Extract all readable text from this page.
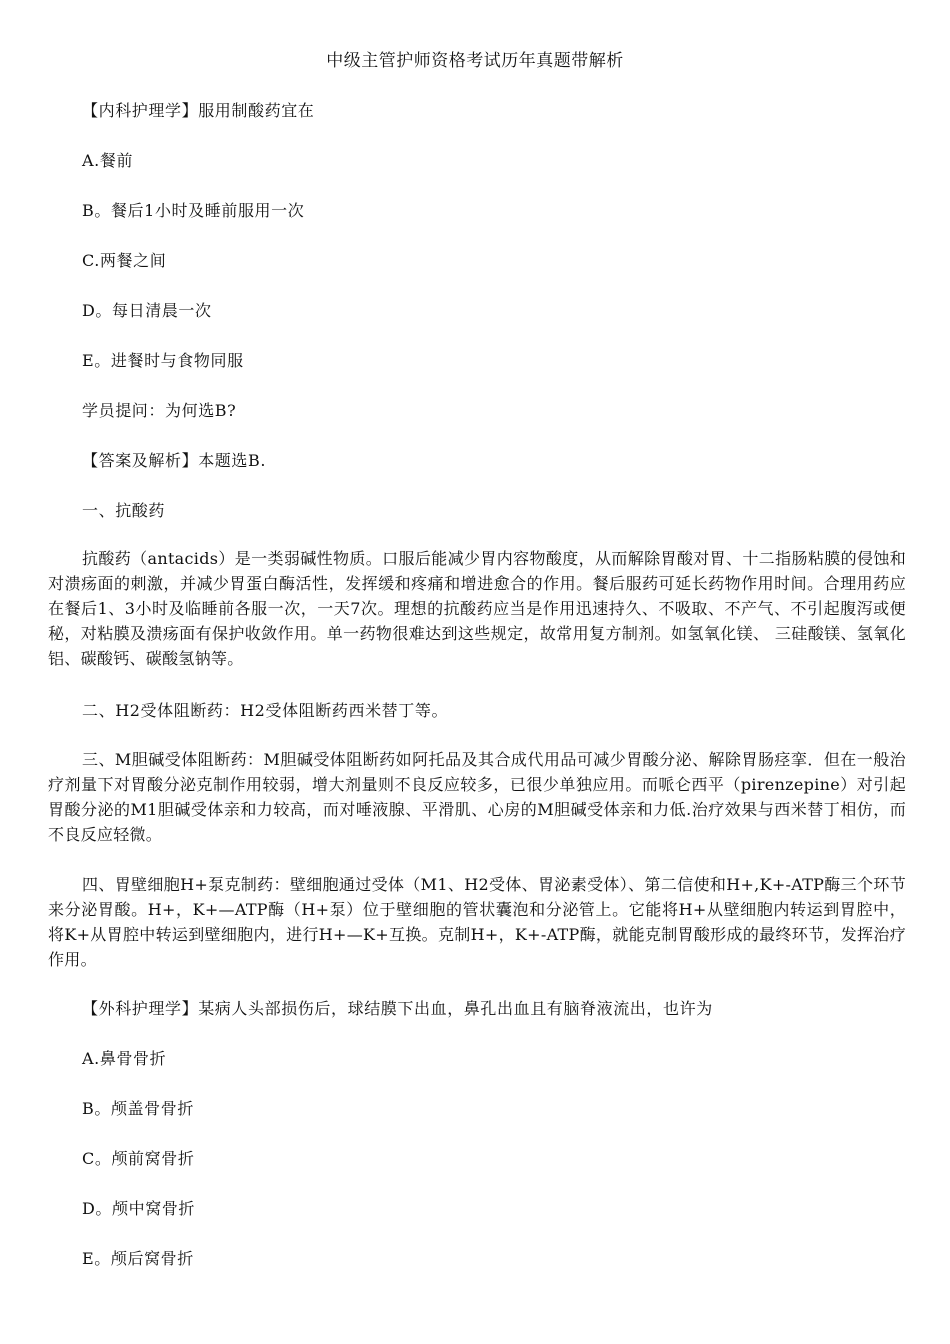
中级主管护师资格考试历年真题带解析
【内科护理学】服用制酸药宜在
A.餐前
B。餐后1小时及睡前服用一次
C.两餐之间
D。每日清晨一次
E。进餐时与食物同服
学员提问：为何选B?
【答案及解析】本题选B.
一、抗酸药
抗酸药（antacids）是一类弱碱性物质。口服后能减少胃内容物酸度，从而解除胃酸对胃、十二指肠粘膜的侵蚀和对溃疡面的刺激，并减少胃蛋白酶活性，发挥缓和疼痛和增进愈合的作用。餐后服药可延长药物作用时间。合理用药应在餐后1、3小时及临睡前各服一次，一天7次。理想的抗酸药应当是作用迅速持久、不吸取、不产气、不引起腹泻或便秘，对粘膜及溃疡面有保护收敛作用。单一药物很难达到这些规定，故常用复方制剂。如氢氧化镁、 三硅酸镁、氢氧化铝、碳酸钙、碳酸氢钠等。
二、H2受体阻断药：H2受体阻断药西米替丁等。
三、M胆碱受体阻断药：M胆碱受体阻断药如阿托品及其合成代用品可减少胃酸分泌、解除胃肠痉挛．但在一般治疗剂量下对胃酸分泌克制作用较弱，增大剂量则不良反应较多，已很少单独应用。而哌仑西平（pirenzepine）对引起胃酸分泌的M1胆碱受体亲和力较高，而对唾液腺、平滑肌、心房的M胆碱受体亲和力低.治疗效果与西米替丁相仿，而不良反应轻微。
四、胃壁细胞H+泵克制药：壁细胞通过受体（M1、H2受体、胃泌素受体）、第二信使和H+,K+-ATP酶三个环节来分泌胃酸。H+，K+—ATP酶（H+泵）位于壁细胞的管状囊泡和分泌管上。它能将H+从壁细胞内转运到胃腔中，将K+从胃腔中转运到壁细胞内，进行H+—K+互换。克制H+，K+-ATP酶，就能克制胃酸形成的最终环节，发挥治疗作用。
【外科护理学】某病人头部损伤后，球结膜下出血，鼻孔出血且有脑脊液流出，也许为
A.鼻骨骨折
B。颅盖骨骨折
C。颅前窝骨折
D。颅中窝骨折
E。颅后窝骨折
